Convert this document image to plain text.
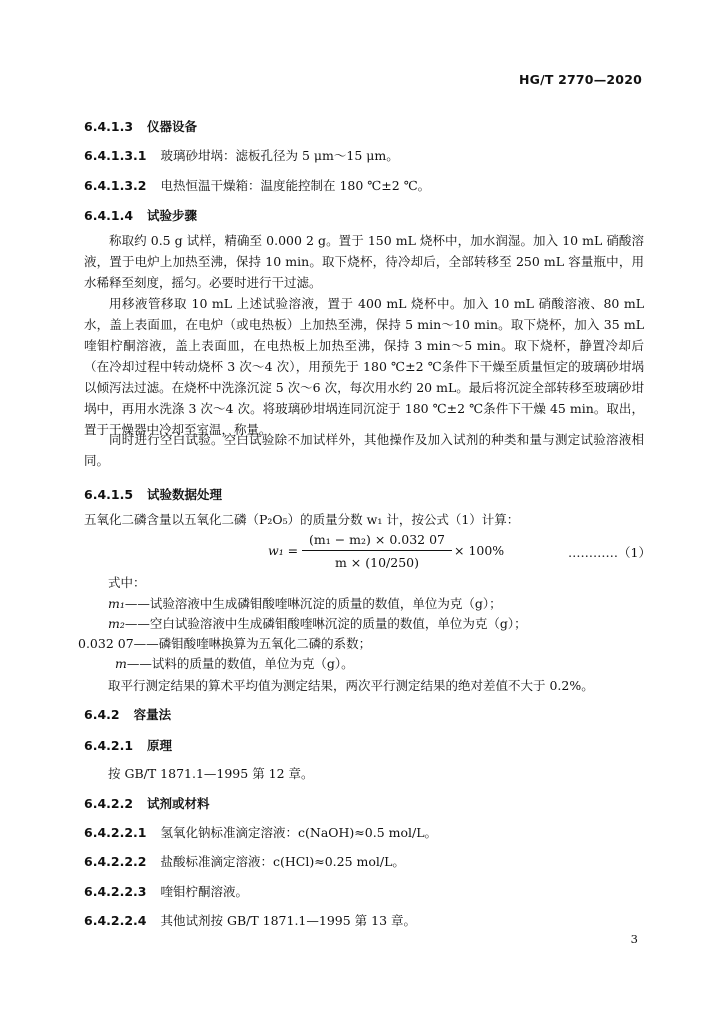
HG/T 2770—2020
6.4.1.3 仪器设备
6.4.1.3.1 玻璃砂坩埚：滤板孔径为 5 μm～15 μm。
6.4.1.3.2 电热恒温干燥箱：温度能控制在 180 ℃±2 ℃。
6.4.1.4 试验步骤
称取约 0.5 g 试样，精确至 0.000 2 g。置于 150 mL 烧杯中，加水润湿。加入 10 mL 硝酸溶液，置于电炉上加热至沸，保持 10 min。取下烧杯，待冷却后，全部转移至 250 mL 容量瓶中，用水稀释至刻度，摇匀。必要时进行干过滤。
用移液管移取 10 mL 上述试验溶液，置于 400 mL 烧杯中。加入 10 mL 硝酸溶液、80 mL 水，盖上表面皿，在电炉（或电热板）上加热至沸，保持 5 min～10 min。取下烧杯，加入 35 mL 喹钼柠酮溶液，盖上表面皿，在电热板上加热至沸，保持 3 min～5 min。取下烧杯，静置冷却后（在冷却过程中转动烧杯 3 次～4 次），用预先于 180 ℃±2 ℃条件下干燥至质量恒定的玻璃砂坩埚以倾泻法过滤。在烧杯中洗涤沉淀 5 次～6 次，每次用水约 20 mL。最后将沉淀全部转移至玻璃砂坩埚中，再用水洗涤 3 次～4 次。将玻璃砂坩埚连同沉淀于 180 ℃±2 ℃条件下干燥 45 min。取出，置于干燥器中冷却至室温，称量。
同时进行空白试验。空白试验除不加试样外，其他操作及加入试剂的种类和量与测定试验溶液相同。
6.4.1.5 试验数据处理
五氧化二磷含量以五氧化二磷（P₂O₅）的质量分数 w₁ 计，按公式（1）计算：
w₁ =
(m₁ − m₂) × 0.032 07
m × (10/250)
× 100%	…………（1）
式中：
m₁——试验溶液中生成磷钼酸喹啉沉淀的质量的数值，单位为克（g）；
m₂——空白试验溶液中生成磷钼酸喹啉沉淀的质量的数值，单位为克（g）；
0.032 07——磷钼酸喹啉换算为五氧化二磷的系数；
m——试料的质量的数值，单位为克（g）。
取平行测定结果的算术平均值为测定结果，两次平行测定结果的绝对差值不大于 0.2%。
6.4.2 容量法
6.4.2.1 原理
按 GB/T 1871.1—1995 第 12 章。
6.4.2.2 试剂或材料
6.4.2.2.1 氢氧化钠标准滴定溶液：c(NaOH)≈0.5 mol/L。
6.4.2.2.2 盐酸标准滴定溶液：c(HCl)≈0.25 mol/L。
6.4.2.2.3 喹钼柠酮溶液。
6.4.2.2.4 其他试剂按 GB/T 1871.1—1995 第 13 章。
3
